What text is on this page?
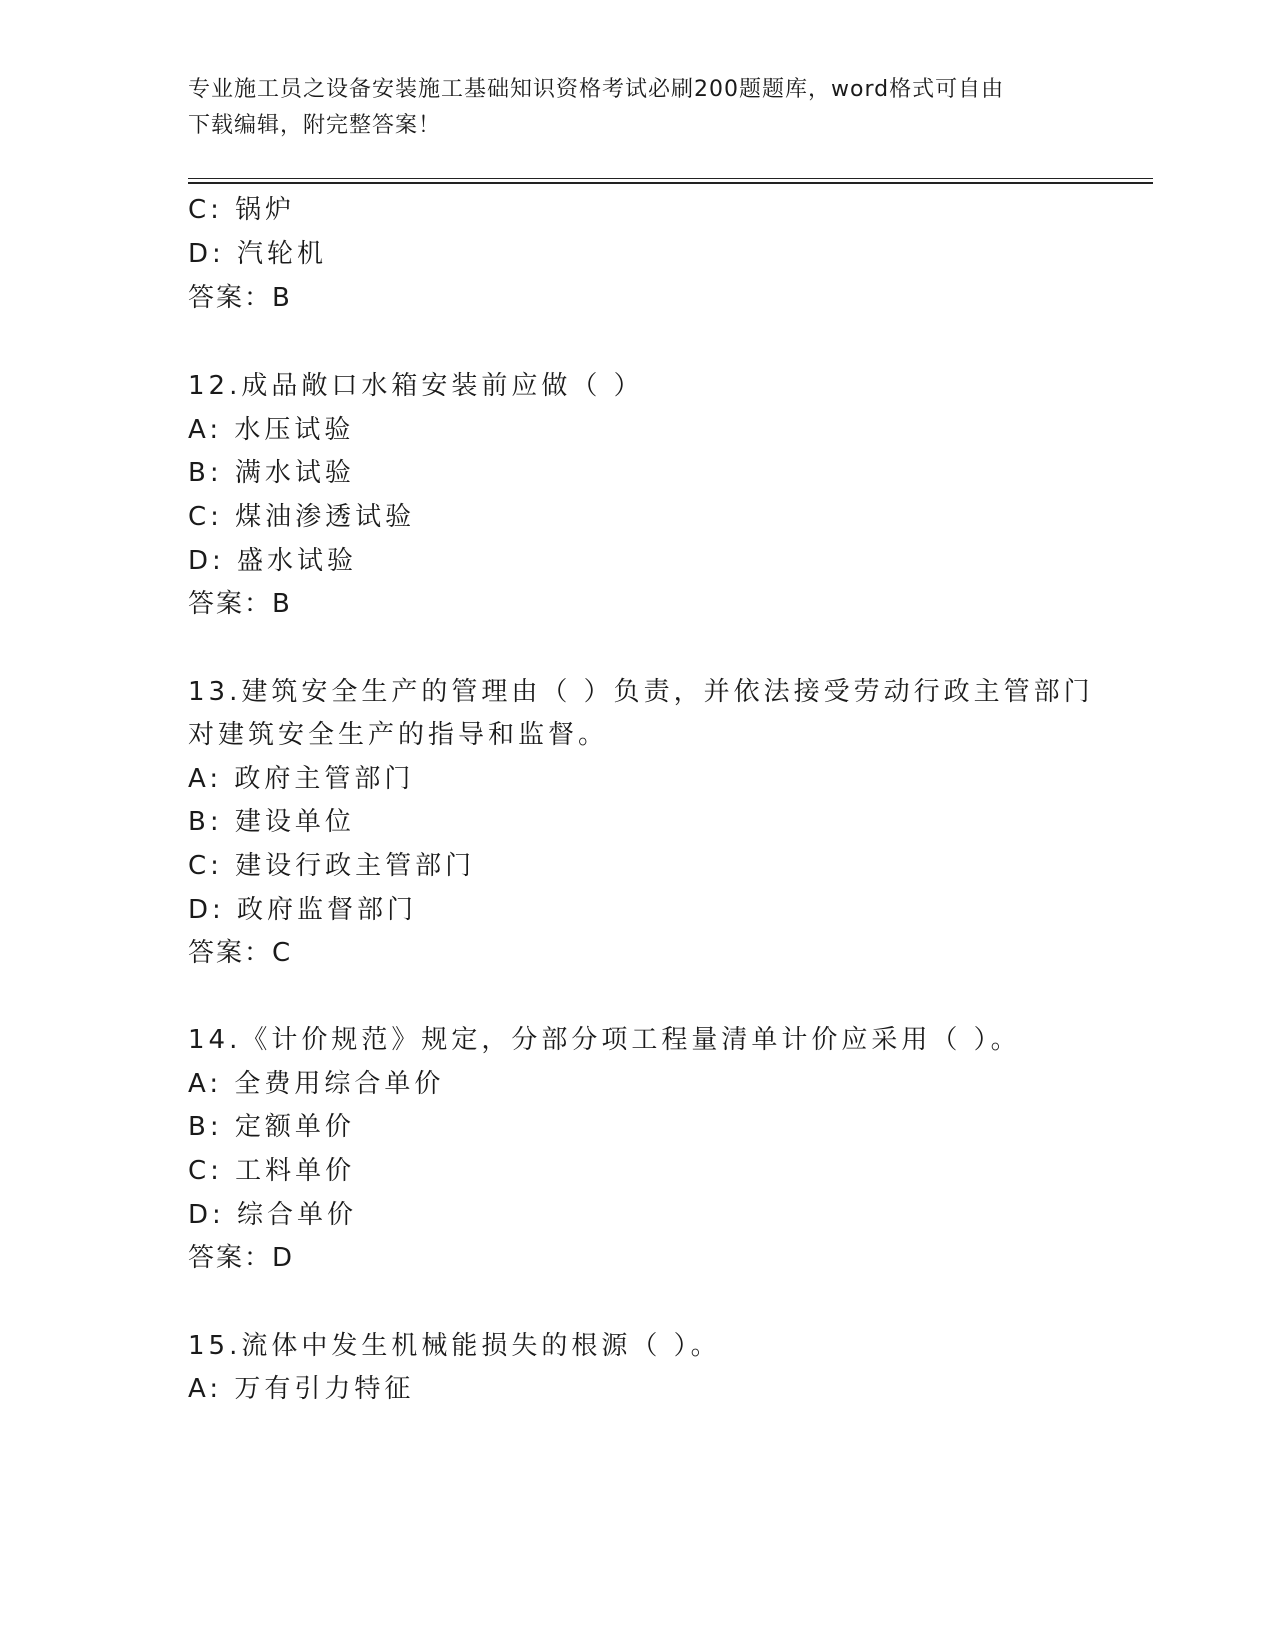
专业施工员之设备安装施工基础知识资格考试必刷200题题库，word格式可自由
下载编辑，附完整答案！
C: 锅炉
D: 汽轮机
答案：B
12.成品敞口水箱安装前应做（ ）
A: 水压试验
B: 满水试验
C: 煤油渗透试验
D: 盛水试验
答案：B
13.建筑安全生产的管理由（ ）负责，并依法接受劳动行政主管部门
对建筑安全生产的指导和监督。
A: 政府主管部门
B: 建设单位
C: 建设行政主管部门
D: 政府监督部门
答案：C
14.《计价规范》规定，分部分项工程量清单计价应采用（ ）。
A: 全费用综合单价
B: 定额单价
C: 工料单价
D: 综合单价
答案：D
15.流体中发生机械能损失的根源（ ）。
A: 万有引力特征
